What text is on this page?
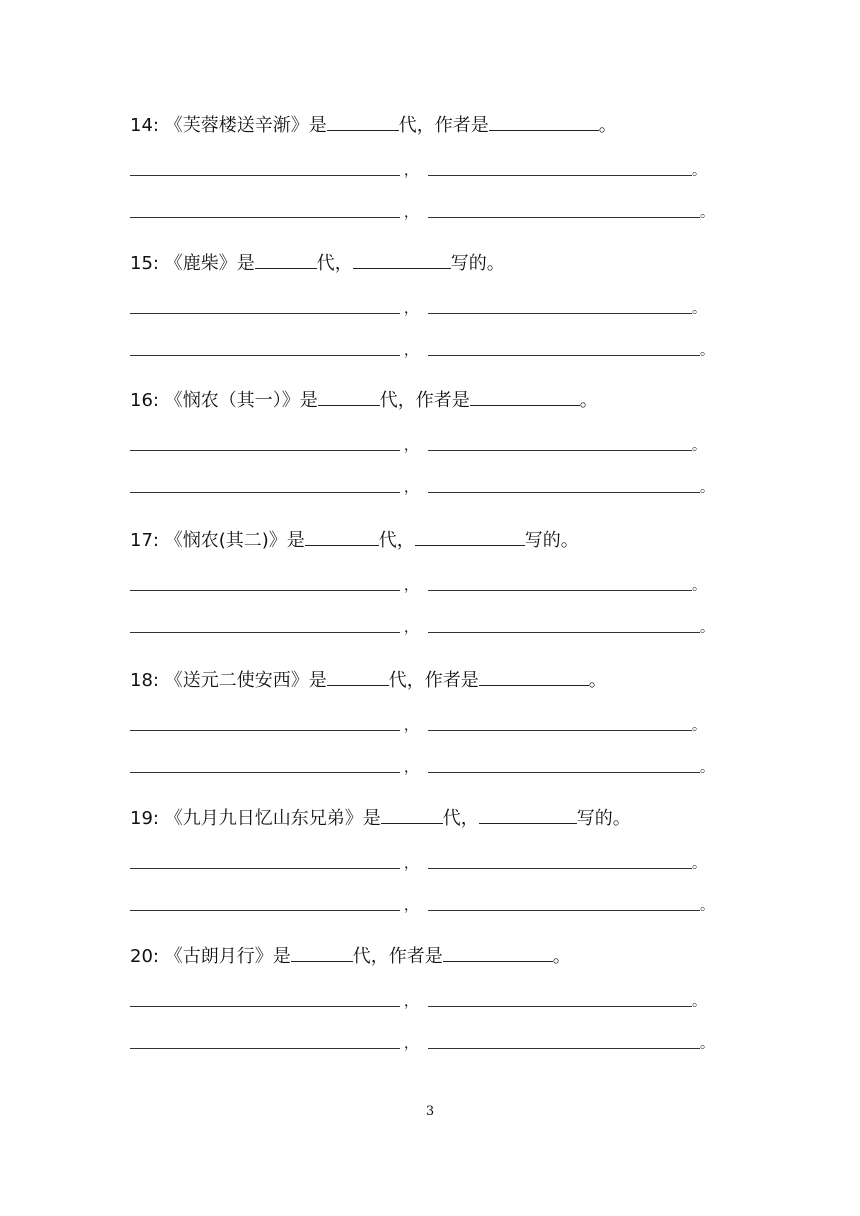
14: 《芙蓉楼送辛渐》是	代，作者是	。
，	。
，	。
15: 《鹿柴》是	代，	写的。
，	。
，	。
16: 《悯农（其一）》是	代，作者是	。
，	。
，	。
17: 《悯农(其二)》是	代，	写的。
，	。
，	。
18: 《送元二使安西》是	代，作者是	。
，	。
，	。
19: 《九月九日忆山东兄弟》是	代，	写的。
，	。
，	。
20: 《古朗月行》是	代，作者是	。
，	。
，	。
3
